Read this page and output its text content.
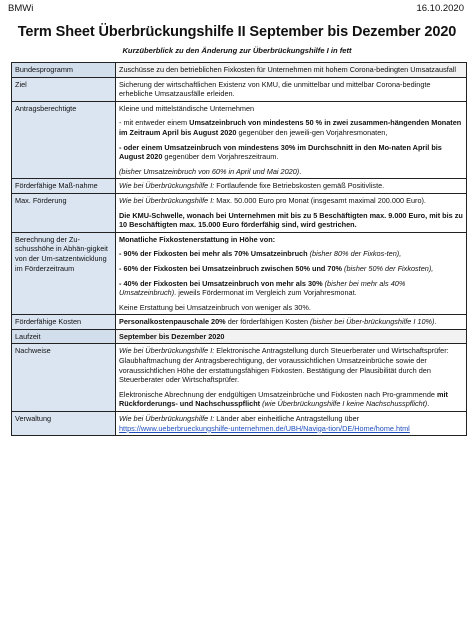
BMWi	16.10.2020
Term Sheet Überbrückungshilfe II September bis Dezember 2020
Kurzüberblick zu den Änderung zur Überbrückungshilfe I in fett
Bundesprogramm	Zuschüsse zu den betrieblichen Fixkosten für Unternehmen mit hohem Corona-bedingten Umsatzausfall
Ziel	Sicherung der wirtschaftlichen Existenz von KMU, die unmittelbar und mittelbar Corona-bedingte erhebliche Umsatzausfälle erleiden.
Antragsberechtigte	Kleine und mittelständische Unternehmen

- mit entweder einem Umsatzeinbruch von mindestens 50 % in zwei zusammen-hängenden Monaten im Zeitraum April bis August 2020 gegenüber den jeweili-gen Vorjahresmonaten,

- oder einem Umsatzeinbruch von mindestens 30% im Durchschnitt in den Mo-naten April bis August 2020 gegenüber dem Vorjahreszeitraum.

(bisher Umsatzeinbruch von 60% in April und Mai 2020).

Förderfähige Maß-nahme	Wie bei Überbrückungshilfe I: Fortlaufende fixe Betriebskosten gemäß Positivliste.
Max. Förderung	Wie bei Überbrückungshilfe I: Max. 50.000 Euro pro Monat (insgesamt maximal 200.000 Euro).

Die KMU-Schwelle, wonach bei Unternehmen mit bis zu 5 Beschäftigten max. 9.000 Euro, mit bis zu 10 Beschäftigten max. 15.000 Euro förderfähig sind, wird gestrichen.

Berechnung der Zu-schusshöhe in Abhän-gigkeit von der Um-satzentwicklung im Förderzeitraum	Monatliche Fixkostenerstattung in Höhe von:

- 90% der Fixkosten bei mehr als 70% Umsatzeinbruch (bisher 80% der Fixkos-ten),

- 60% der Fixkosten bei Umsatzeinbruch zwischen 50% und 70% (bisher 50% der Fixkosten),

- 40% der Fixkosten bei Umsatzeinbruch von mehr als 30% (bisher bei mehr als 40% Umsatzeinbruch). jeweils Fördermonat im Vergleich zum Vorjahresmonat.

Keine Erstattung bei Umsatzeinbruch von weniger als 30%.

Förderfähige Kosten	Personalkostenpauschale 20% der förderfähigen Kosten (bisher bei Über-brückungshilfe I 10%).
Laufzeit	September bis Dezember 2020
Nachweise	Wie bei Überbrückungshilfe I: Elektronische Antragstellung durch Steuerberater und Wirtschaftsprüfer: Glaubhaftmachung der Antragsberechtigung, der voraussichtlichen Umsatzeinbrüche sowie der voraussichtlichen Höhe der erstattungsfähigen Fixkosten. Bestätigung der Plausibilität durch den Steuerberater oder Wirtschaftsprüfer.

Elektronische Abrechnung der endgültigen Umsatzeinbrüche und Fixkosten nach Pro-grammende mit Rückforderungs- und Nachschusspflicht (wie Überbrückungshilfe I keine Nachschusspflicht).

Verwaltung	Wie bei Überbrückungshilfe I: Länder aber einheitliche Antragstellung über https://www.ueberbrueckungshilfe-unternehmen.de/UBH/Naviga-tion/DE/Home/home.html
